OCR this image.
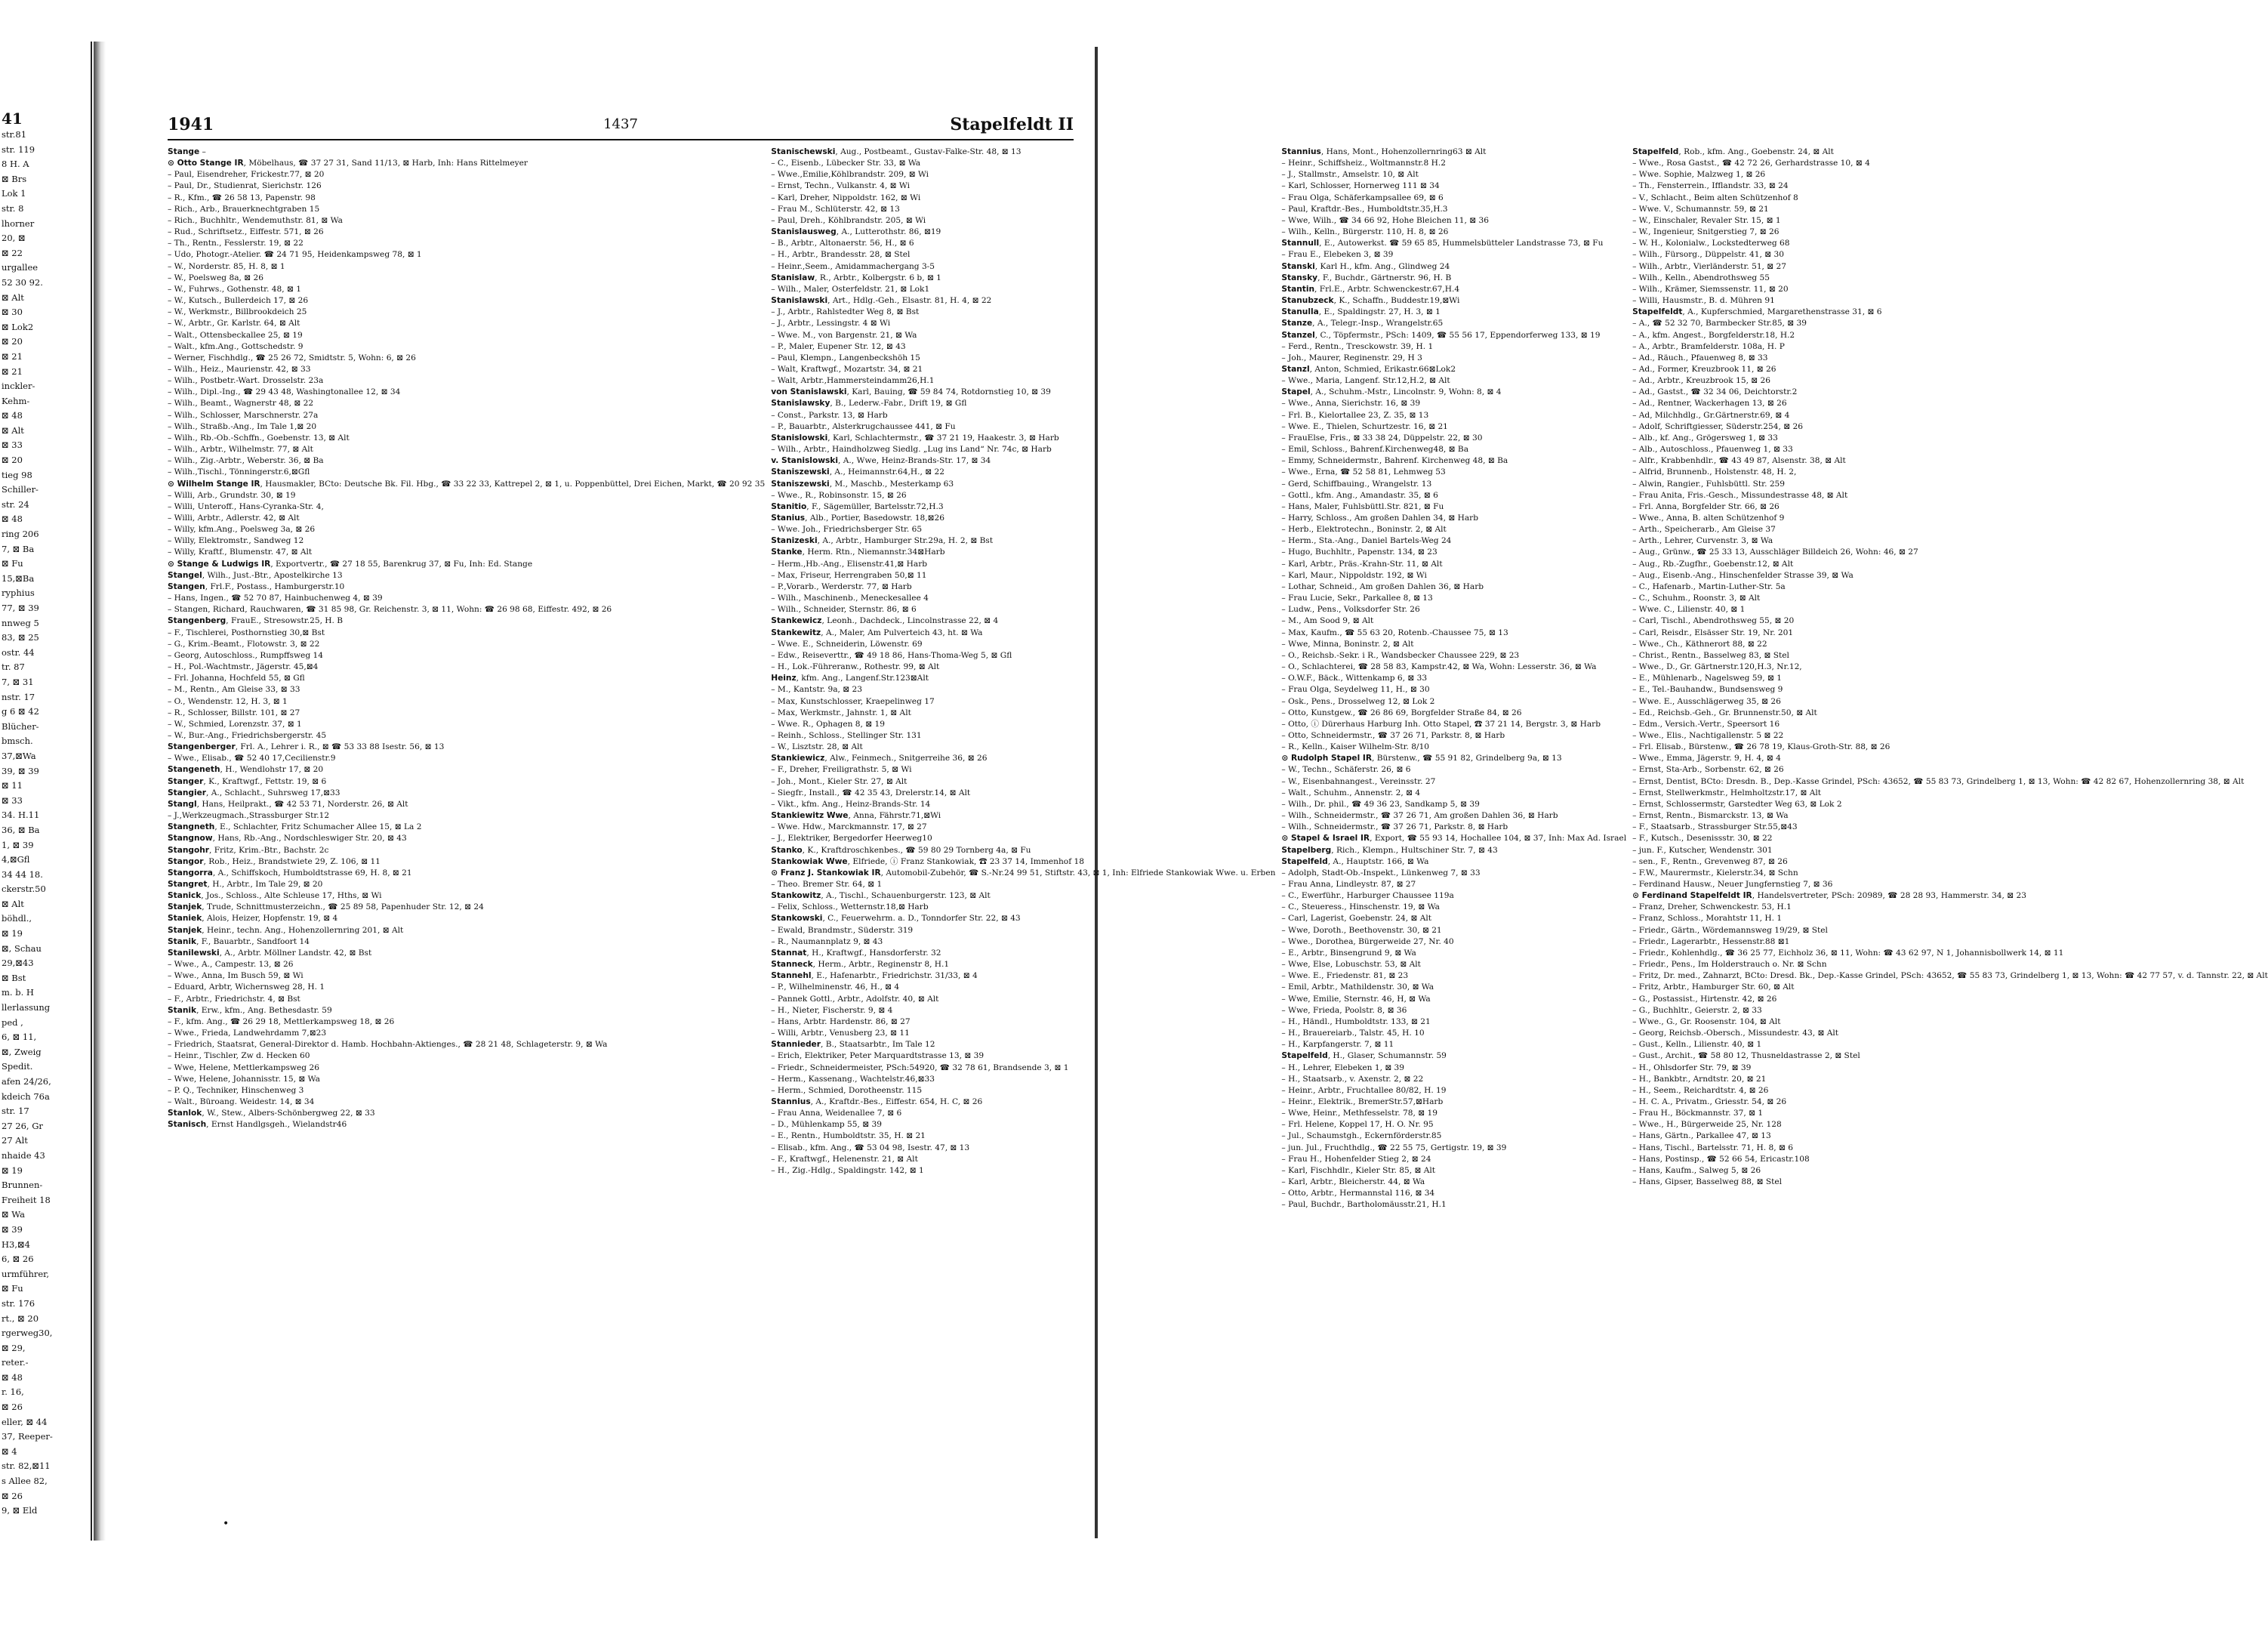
41
str.81
str. 119
8 H. A
⊠ Brs
Lok 1
str. 8
lhorner
20, ⊠
⊠ 22
urgallee
52 30 92.
⊠ Alt
⊠ 30
⊠ Lok2
⊠ 20
⊠ 21
⊠ 21
inckler-
Kehm-
⊠ 48
⊠ Alt
⊠ 33
⊠ 20
tieg 98
Schiller-
str. 24
⊠ 48
ring 206
7, ⊠ Ba
⊠ Fu
15,⊠Ba
ryphius
77, ⊠ 39
nnweg 5
83, ⊠ 25
ostr. 44
tr. 87
7, ⊠ 31
nstr. 17
g 6 ⊠ 42
Blücher-
bmsch.
37,⊠Wa
39, ⊠ 39
⊠ 11
⊠ 33
34. H.11
36, ⊠ Ba
1, ⊠ 39
4,⊠Gfl
34 44 18.
ckerstr.50
⊠ Alt
böhdl.,
⊠ 19
⊠, Schau
29,⊠43
⊠ Bst
m. b. H
llerlassung
ped ,
6, ⊠ 11,
⊠, Zweig
Spedit.
afen 24/26,
kdeich 76a
str. 17
27 26, Gr
27 Alt
nhaide 43
⊠ 19
Brunnen-
Freiheit 18
⊠ Wa
⊠ 39
H3,⊠4
6, ⊠ 26
urmführer,
⊠ Fu
str. 176
rt., ⊠ 20
rgerweg30,
⊠ 29,
reter.-
⊠ 48
r. 16,
⊠ 26
eller, ⊠ 44
37, Reeper-
⊠ 4
str. 82,⊠11
s Allee 82,
⊠ 26
9, ⊠ Eld
1941	1437	Stapelfeldt II
Stange –
⊙ Otto Stange IR, Möbelhaus, ☎ 37 27 31, Sand 11/13, ⊠ Harb, Inh: Hans Rittelmeyer
– Paul, Eisendreher, Frickestr.77, ⊠ 20
– Paul, Dr., Studienrat, Sierichstr. 126
– R., Kfm., ☎ 26 58 13, Papenstr. 98
– Rich., Arb., Brauerknechtgraben 15
– Rich., Buchhltr., Wendemuthstr. 81, ⊠ Wa
– Rud., Schriftsetz., Eiffestr. 571, ⊠ 26
– Th., Rentn., Fesslerstr. 19, ⊠ 22
– Udo, Photogr.-Atelier. ☎ 24 71 95, Heidenkampsweg 78, ⊠ 1
– W., Norderstr. 85, H. 8, ⊠ 1
– W., Poelsweg 8a, ⊠ 26
– W., Fuhrws., Gothenstr. 48, ⊠ 1
– W., Kutsch., Bullerdeich 17, ⊠ 26
– W., Werkmstr., Billbrookdeich 25
– W., Arbtr., Gr. Karlstr. 64, ⊠ Alt
– Walt., Ottensbeckallee 25, ⊠ 19
– Walt., kfm.Ang., Gottschedstr. 9
– Werner, Fischhdlg., ☎ 25 26 72, Smidtstr. 5, Wohn: 6, ⊠ 26
– Wilh., Heiz., Maurienstr. 42, ⊠ 33
– Wilh., Postbetr.-Wart. Drosselstr. 23a
– Wilh., Dipl.-Ing., ☎ 29 43 48, Washingtonallee 12, ⊠ 34
– Wilh., Beamt., Wagnerstr 48, ⊠ 22
– Wilh., Schlosser, Marschnerstr. 27a
– Wilh., Straßb.-Ang., Im Tale 1,⊠ 20
– Wilh., Rb.-Ob.-Schffn., Goebenstr. 13, ⊠ Alt
– Wilh., Arbtr., Wilhelmstr. 77, ⊠ Alt
– Wilh., Zig.-Arbtr., Weberstr. 36, ⊠ Ba
– Wilh.,Tischl., Tönningerstr.6,⊠Gfl
⊙ Wilhelm Stange IR, Hausmakler, BCto: Deutsche Bk. Fil. Hbg., ☎ 33 22 33, Kattrepel 2, ⊠ 1, u. Poppenbüttel, Drei Eichen, Markt, ☎ 20 92 35
– Willi, Arb., Grundstr. 30, ⊠ 19
– Willi, Unteroff., Hans-Cyranka-Str. 4,
– Willi, Arbtr., Adlerstr. 42, ⊠ Alt
– Willy, kfm.Ang., Poelsweg 3a, ⊠ 26
– Willy, Elektromstr., Sandweg 12
– Willy, Kraftf., Blumenstr. 47, ⊠ Alt
⊙ Stange & Ludwigs IR, Exportvertr., ☎ 27 18 55, Barenkrug 37, ⊠ Fu, Inh: Ed. Stange
Stangel, Wilh., Just.-Btr., Apostelkirche 13
Stangen, Frl.F., Postass., Hamburgerstr.10
– Hans, Ingen., ☎ 52 70 87, Hainbuchenweg 4, ⊠ 39
– Stangen, Richard, Rauchwaren, ☎ 31 85 98, Gr. Reichenstr. 3, ⊠ 11, Wohn: ☎ 26 98 68, Eiffestr. 492, ⊠ 26
Stangenberg, FrauE., Stresowstr.25, H. B
– F., Tischlerei, Posthornstieg 30,⊠ Bst
– G., Krim.-Beamt., Flotowstr. 3, ⊠ 22
– Georg, Autoschloss., Rumpffsweg 14
– H., Pol.-Wachtmstr., Jägerstr. 45,⊠4
– Frl. Johanna, Hochfeld 55, ⊠ Gfl
– M., Rentn., Am Gleise 33, ⊠ 33
– O., Wendenstr. 12, H. 3, ⊠ 1
– R., Schlosser, Billstr. 101, ⊠ 27
– W., Schmied, Lorenzstr. 37, ⊠ 1
– W., Bur.-Ang., Friedrichsbergerstr. 45
Stangenberger, Frl. A., Lehrer i. R., ⊠ ☎ 53 33 88 Isestr. 56, ⊠ 13
– Wwe., Elisab., ☎ 52 40 17,Cecilienstr.9
Stangeneth, H., Wendlohstr 17, ⊠ 20
Stanger, K., Kraftwgf., Fettstr. 19, ⊠ 6
Stangier, A., Schlacht., Suhrsweg 17,⊠33
Stangl, Hans, Heilprakt., ☎ 42 53 71, Norderstr. 26, ⊠ Alt
– J.,Werkzeugmach.,Strassburger Str.12
Stangneth, E., Schlachter, Fritz Schumacher Allee 15, ⊠ La 2
Stangnow, Hans, Rb.-Ang., Nordschleswiger Str. 20, ⊠ 43
Stangohr, Fritz, Krim.-Btr., Bachstr. 2c
Stangor, Rob., Heiz., Brandstwiete 29, Z. 106, ⊠ 11
Stangorra, A., Schiffskoch, Humboldtstrasse 69, H. 8, ⊠ 21
Stangret, H., Arbtr., Im Tale 29, ⊠ 20
Stanick, Jos., Schloss., Alte Schleuse 17, Hths, ⊠ Wi
Stanjek, Trude, Schnittmusterzeichn., ☎ 25 89 58, Papenhuder Str. 12, ⊠ 24
Staniek, Alois, Heizer, Hopfenstr. 19, ⊠ 4
Stanjek, Heinr., techn. Ang., Hohenzollernring 201, ⊠ Alt
Stanik, F., Bauarbtr., Sandfoort 14
Stanilewski, A., Arbtr. Möllner Landstr. 42, ⊠ Bst
– Wwe., A., Campestr. 13, ⊠ 26
– Wwe., Anna, Im Busch 59, ⊠ Wi
– Eduard, Arbtr, Wichernsweg 28, H. 1
– F., Arbtr., Friedrichstr. 4, ⊠ Bst
Stanik, Erw., kfm., Ang. Bethesdastr. 59
– F., kfm. Ang., ☎ 26 29 18, Mettlerkampsweg 18, ⊠ 26
– Wwe., Frieda, Landwehrdamm 7,⊠23
– Friedrich, Staatsrat, General-Direktor d. Hamb. Hochbahn-Aktienges., ☎ 28 21 48, Schlageterstr. 9, ⊠ Wa
– Heinr., Tischler, Zw d. Hecken 60
– Wwe, Helene, Mettlerkampsweg 26
– Wwe, Helene, Johannisstr. 15, ⊠ Wa
– P. Q., Techniker, Hinschenweg 3
– Walt., Büroang. Weidestr. 14, ⊠ 34
Stanlok, W., Stew., Albers-Schönbergweg 22, ⊠ 33
Stanisch, Ernst Handlgsgeh., Wielandstr46
Stanischewski, Aug., Postbeamt., Gustav-Falke-Str. 48, ⊠ 13
– C., Eisenb., Lübecker Str. 33, ⊠ Wa
– Wwe.,Emilie,Köhlbrandstr. 209, ⊠ Wi
– Ernst, Techn., Vulkanstr. 4, ⊠ Wi
– Karl, Dreher, Nippoldstr. 162, ⊠ Wi
– Frau M., Schlüterstr. 42, ⊠ 13
– Paul, Dreh., Köhlbrandstr. 205, ⊠ Wi
Stanislausweg, A., Lutterothstr. 86, ⊠19
– B., Arbtr., Altonaerstr. 56, H., ⊠ 6
– H., Arbtr., Brandesstr. 28, ⊠ Stel
– Heinr.,Seem., Amidammachergang 3-5
Stanislaw, R., Arbtr., Kolbergstr. 6 b, ⊠ 1
– Wilh., Maler, Osterfeldstr. 21, ⊠ Lok1
Stanislawski, Art., Hdlg.-Geh., Elsastr. 81, H. 4, ⊠ 22
– J., Arbtr., Rahlstedter Weg 8, ⊠ Bst
– J., Arbtr., Lessingstr. 4 ⊠ Wi
– Wwe. M., von Bargenstr. 21, ⊠ Wa
– P., Maler, Eupener Str. 12, ⊠ 43
– Paul, Klempn., Langenbeckshöh 15
– Walt, Kraftwgf., Mozartstr. 34, ⊠ 21
– Walt, Arbtr.,Hammersteindamm26,H.1
von Stanislawski, Karl, Bauing, ☎ 59 84 74, Rotdornstieg 10, ⊠ 39
Stanislawsky, B., Lederw.-Fabr., Drift 19, ⊠ Gfl
– Const., Parkstr. 13, ⊠ Harb
– P., Bauarbtr., Alsterkrugchaussee 441, ⊠ Fu
Stanislowski, Karl, Schlachtermstr., ☎ 37 21 19, Haakestr. 3, ⊠ Harb
– Wilh., Arbtr., Haindholzweg Siedlg. „Lug ins Land“ Nr. 74c, ⊠ Harb
v. Stanislowski, A., Wwe, Heinz-Brands-Str. 17, ⊠ 34
Staniszewski, A., Heimannstr.64,H., ⊠ 22
Staniszewski, M., Maschb., Mesterkamp 63
– Wwe., R., Robinsonstr. 15, ⊠ 26
Stanitio, F., Sägemüller, Bartelsstr.72,H.3
Stanius, Alb., Portier, Basedowstr. 18,⊠26
– Wwe. Joh., Friedrichsberger Str. 65
Stanizeski, A., Arbtr., Hamburger Str.29a, H. 2, ⊠ Bst
Stanke, Herm. Rtn., Niemannstr.34⊠Harb
– Herm.,Hb.-Ang., Elisenstr.41,⊠ Harb
– Max, Friseur, Herrengraben 50,⊠ 11
– P.,Vorarb., Werderstr. 77, ⊠ Harb
– Wilh., Maschinenb., Meneckesallee 4
– Wilh., Schneider, Sternstr. 86, ⊠ 6
Stankewicz, Leonh., Dachdeck., Lincolnstrasse 22, ⊠ 4
Stankewitz, A., Maler, Am Pulverteich 43, ht. ⊠ Wa
– Wwe. E., Schneiderin, Löwenstr. 69
– Edw., Reiseverttr., ☎ 49 18 86, Hans-Thoma-Weg 5, ⊠ Gfl
– H., Lok.-Führeranw., Rothestr. 99, ⊠ Alt
Heinz, kfm. Ang., Langenf.Str.123⊠Alt
– M., Kantstr. 9a, ⊠ 23
– Max, Kunstschlosser, Kraepelinweg 17
– Max, Werkmstr., Jahnstr. 1, ⊠ Alt
– Wwe. R., Ophagen 8, ⊠ 19
– Reinh., Schloss., Stellinger Str. 131
– W., Lisztstr. 28, ⊠ Alt
Stankiewicz, Alw., Feinmech., Snitgerreihe 36, ⊠ 26
– F., Dreher, Freiligrathstr. 5, ⊠ Wi
– Joh., Mont., Kieler Str. 27, ⊠ Alt
– Siegfr., Install., ☎ 42 35 43, Drelerstr.14, ⊠ Alt
– Vikt., kfm. Ang., Heinz-Brands-Str. 14
Stankiewitz Wwe, Anna, Fährstr.71,⊠Wi
– Wwe. Hdw., Marckmannstr. 17, ⊠ 27
– J., Elektriker, Bergedorfer Heerweg10
Stanko, K., Kraftdroschkenbes., ☎ 59 80 29 Tornberg 4a, ⊠ Fu
Stankowiak Wwe, Elfriede, ⓘ Franz Stankowiak, ☎ 23 37 14, Immenhof 18
⊙ Franz J. Stankowiak IR, Automobil-Zubehör, ☎ S.-Nr.24 99 51, Stiftstr. 43, ⊠ 1, Inh: Elfriede Stankowiak Wwe. u. Erben
– Theo. Bremer Str. 64, ⊠ 1
Stankowitz, A., Tischl., Schauenburgerstr. 123, ⊠ Alt
– Felix, Schloss., Wetternstr.18,⊠ Harb
Stankowski, C., Feuerwehrm. a. D., Tonndorfer Str. 22, ⊠ 43
– Ewald, Brandmstr., Süderstr. 319
– R., Naumannplatz 9, ⊠ 43
Stannat, H., Kraftwgf., Hansdorferstr. 32
Stanneck, Herm., Arbtr., Reginenstr 8, H.1
Stannehl, E., Hafenarbtr., Friedrichstr. 31/33, ⊠ 4
– P., Wilhelminenstr. 46, H., ⊠ 4
– Pannek Gottl., Arbtr., Adolfstr. 40, ⊠ Alt
– H., Nieter, Fischerstr. 9, ⊠ 4
– Hans, Arbtr. Hardenstr. 86, ⊠ 27
– Willi, Arbtr., Venusberg 23, ⊠ 11
Stannieder, B., Staatsarbtr., Im Tale 12
– Erich, Elektriker, Peter Marquardtstrasse 13, ⊠ 39
– Friedr., Schneidermeister, PSch:54920, ☎ 32 78 61, Brandsende 3, ⊠ 1
– Herm., Kassenang., Wachtelstr.46,⊠33
– Herm., Schmied, Dorotheenstr. 115
Stannius, A., Kraftdr.-Bes., Eiffestr. 654, H. C, ⊠ 26
– Frau Anna, Weidenallee 7, ⊠ 6
– D., Mühlenkamp 55, ⊠ 39
– E., Rentn., Humboldtstr. 35, H. ⊠ 21
– Elisab., kfm. Ang., ☎ 53 04 98, Isestr. 47, ⊠ 13
– F., Kraftwgf., Helenenstr. 21, ⊠ Alt
– H., Zig.-Hdlg., Spaldingstr. 142, ⊠ 1
Stannius, Hans, Mont., Hohenzollernring63 ⊠ Alt
– Heinr., Schiffsheiz., Woltmannstr.8 H.2
– J., Stallmstr., Amselstr. 10, ⊠ Alt
– Karl, Schlosser, Hornerweg 111 ⊠ 34
– Frau Olga, Schäferkampsallee 69, ⊠ 6
– Paul, Kraftdr.-Bes., Humboldtstr.35,H.3
– Wwe, Wilh., ☎ 34 66 92, Hohe Bleichen 11, ⊠ 36
– Wilh., Kelln., Bürgerstr. 110, H. 8, ⊠ 26
Stannull, E., Autowerkst. ☎ 59 65 85, Hummelsbütteler Landstrasse 73, ⊠ Fu
– Frau E., Elebeken 3, ⊠ 39
Stanski, Karl H., kfm. Ang., Glindweg 24
Stansky, F., Buchdr., Gärtnerstr. 96, H. B
Stantin, Frl.E., Arbtr. Schwenckestr.67,H.4
Stanubzeck, K., Schaffn., Buddestr.19,⊠Wi
Stanulla, E., Spaldingstr. 27, H. 3, ⊠ 1
Stanze, A., Telegr.-Insp., Wrangelstr.65
Stanzel, C., Töpfermstr., PSch: 1409, ☎ 55 56 17, Eppendorferweg 133, ⊠ 19
– Ferd., Rentn., Tresckowstr. 39, H. 1
– Joh., Maurer, Reginenstr. 29, H 3
Stanzl, Anton, Schmied, Erikastr.66⊠Lok2
– Wwe., Maria, Langenf. Str.12,H.2, ⊠ Alt
Stapel, A., Schuhm.-Mstr., Lincolnstr. 9, Wohn: 8, ⊠ 4
– Wwe., Anna, Sierichstr. 16, ⊠ 39
– Frl. B., Kielortallee 23, Z. 35, ⊠ 13
– Wwe. E., Thielen, Schurtzestr. 16, ⊠ 21
– FrauElse, Fris., ⊠ 33 38 24, Düppelstr. 22, ⊠ 30
– Emil, Schloss., Bahrenf.Kirchenweg48, ⊠ Ba
– Emmy, Schneidermstr., Bahrenf. Kirchenweg 48, ⊠ Ba
– Wwe., Erna, ☎ 52 58 81, Lehmweg 53
– Gerd, Schiffbauing., Wrangelstr. 13
– Gottl., kfm. Ang., Amandastr. 35, ⊠ 6
– Hans, Maler, Fuhlsbüttl.Str. 821, ⊠ Fu
– Harry, Schloss., Am großen Dahlen 34, ⊠ Harb
– Herb., Elektrotechn., Boninstr. 2, ⊠ Alt
– Herm., Sta.-Ang., Daniel Bartels-Weg 24
– Hugo, Buchhltr., Papenstr. 134, ⊠ 23
– Karl, Arbtr., Präs.-Krahn-Str. 11, ⊠ Alt
– Karl, Maur., Nippoldstr. 192, ⊠ Wi
– Lothar, Schneid., Am großen Dahlen 36, ⊠ Harb
– Frau Lucie, Sekr., Parkallee 8, ⊠ 13
– Ludw., Pens., Volksdorfer Str. 26
– M., Am Sood 9, ⊠ Alt
– Max, Kaufm., ☎ 55 63 20, Rotenb.-Chaussee 75, ⊠ 13
– Wwe, Minna, Boninstr. 2, ⊠ Alt
– O., Reichsb.-Sekr. i R., Wandsbecker Chaussee 229, ⊠ 23
– O., Schlachterei, ☎ 28 58 83, Kampstr.42, ⊠ Wa, Wohn: Lesserstr. 36, ⊠ Wa
– O.W.F., Bäck., Wittenkamp 6, ⊠ 33
– Frau Olga, Seydelweg 11, H., ⊠ 30
– Osk., Pens., Drosselweg 12, ⊠ Lok 2
– Otto, Kunstgew., ☎ 26 86 69, Borgfelder Straße 84, ⊠ 26
– Otto, ⓘ Dürerhaus Harburg Inh. Otto Stapel, ☎ 37 21 14, Bergstr. 3, ⊠ Harb
– Otto, Schneidermstr., ☎ 37 26 71, Parkstr. 8, ⊠ Harb
– R., Kelln., Kaiser Wilhelm-Str. 8/10
⊙ Rudolph Stapel IR, Bürstenw., ☎ 55 91 82, Grindelberg 9a, ⊠ 13
– W., Techn., Schäferstr. 26, ⊠ 6
– W., Eisenbahnangest., Vereinsstr. 27
– Walt., Schuhm., Annenstr. 2, ⊠ 4
– Wilh., Dr. phil., ☎ 49 36 23, Sandkamp 5, ⊠ 39
– Wilh., Schneidermstr., ☎ 37 26 71, Am großen Dahlen 36, ⊠ Harb
– Wilh., Schneidermstr., ☎ 37 26 71, Parkstr. 8, ⊠ Harb
⊙ Stapel & Israel IR, Export, ☎ 55 93 14, Hochallee 104, ⊠ 37, Inh: Max Ad. Israel
Stapelberg, Rich., Klempn., Hultschiner Str. 7, ⊠ 43
Stapelfeld, A., Hauptstr. 166, ⊠ Wa
– Adolph, Stadt-Ob.-Inspekt., Lünkenweg 7, ⊠ 33
– Frau Anna, Lindleystr. 87, ⊠ 27
– C., Ewerführ., Harburger Chaussee 119a
– C., Steueress., Hinschenstr. 19, ⊠ Wa
– Carl, Lagerist, Goebenstr. 24, ⊠ Alt
– Wwe, Doroth., Beethovenstr. 30, ⊠ 21
– Wwe., Dorothea, Bürgerweide 27, Nr. 40
– E., Arbtr., Binsengrund 9, ⊠ Wa
– Wwe, Else, Lobuschstr. 53, ⊠ Alt
– Wwe. E., Friedenstr. 81, ⊠ 23
– Emil, Arbtr., Mathildenstr. 30, ⊠ Wa
– Wwe, Emilie, Sternstr. 46, H, ⊠ Wa
– Wwe, Frieda, Poolstr. 8, ⊠ 36
– H., Händl., Humboldtstr. 133, ⊠ 21
– H., Brauereiarb., Talstr. 45, H. 10
– H., Karpfangerstr. 7, ⊠ 11
Stapelfeld, H., Glaser, Schumannstr. 59
– H., Lehrer, Elebeken 1, ⊠ 39
– H., Staatsarb., v. Axenstr. 2, ⊠ 22
– Heinr., Arbtr., Fruchtallee 80/82, H. 19
– Heinr., Elektrik., BremerStr.57,⊠Harb
– Wwe, Heinr., Methfesselstr. 78, ⊠ 19
– Frl. Helene, Koppel 17, H. O. Nr. 95
– Jul., Schaumstgh., Eckernförderstr.85
– jun. Jul., Fruchthdlg., ☎ 22 55 75, Gertigstr. 19, ⊠ 39
– Frau H., Hohenfelder Stieg 2, ⊠ 24
– Karl, Fischhdlr., Kieler Str. 85, ⊠ Alt
– Karl, Arbtr., Bleicherstr. 44, ⊠ Wa
– Otto, Arbtr., Hermannstal 116, ⊠ 34
– Paul, Buchdr., Bartholomäusstr.21, H.1
Stapelfeld, Rob., kfm. Ang., Goebenstr. 24, ⊠ Alt
– Wwe., Rosa Gastst., ☎ 42 72 26, Gerhardstrasse 10, ⊠ 4
– Wwe. Sophie, Malzweg 1, ⊠ 26
– Th., Fensterrein., Ifflandstr. 33, ⊠ 24
– V., Schlacht., Beim alten Schützenhof 8
– Wwe. V., Schumannstr. 59, ⊠ 21
– W., Einschaler, Revaler Str. 15, ⊠ 1
– W., Ingenieur, Snitgerstieg 7, ⊠ 26
– W. H., Kolonialw., Lockstedterweg 68
– Wilh., Fürsorg., Düppelstr. 41, ⊠ 30
– Wilh., Arbtr., Vierländerstr. 51, ⊠ 27
– Wilh., Kelln., Abendrothsweg 55
– Wilh., Krämer, Siemssenstr. 11, ⊠ 20
– Willi, Hausmstr., B. d. Mühren 91
Stapelfeldt, A., Kupferschmied, Margarethenstrasse 31, ⊠ 6
– A., ☎ 52 32 70, Barmbecker Str.85, ⊠ 39
– A., kfm. Angest., Borgfelderstr.18, H.2
– A., Arbtr., Bramfelderstr. 108a, H. P
– Ad., Räuch., Pfauenweg 8, ⊠ 33
– Ad., Former, Kreuzbrook 11, ⊠ 26
– Ad., Arbtr., Kreuzbrook 15, ⊠ 26
– Ad., Gastst., ☎ 32 34 06, Deichtorstr.2
– Ad., Rentner, Wackerhagen 13, ⊠ 26
– Ad, Milchhdlg., Gr.Gärtnerstr.69, ⊠ 4
– Adolf, Schriftgiesser, Süderstr.254, ⊠ 26
– Alb., kf. Ang., Grögersweg 1, ⊠ 33
– Alb., Autoschloss., Pfauenweg 1, ⊠ 33
– Alfr., Krabbenhdlr., ☎ 43 49 87, Alsenstr. 38, ⊠ Alt
– Alfrid, Brunnenb., Holstenstr. 48, H. 2,
– Alwin, Rangier., Fuhlsbüttl. Str. 259
– Frau Anita, Fris.-Gesch., Missundestrasse 48, ⊠ Alt
– Frl. Anna, Borgfelder Str. 66, ⊠ 26
– Wwe., Anna, B. alten Schützenhof 9
– Arth., Speicherarb., Am Gleise 37
– Arth., Lehrer, Curvenstr. 3, ⊠ Wa
– Aug., Grünw., ☎ 25 33 13, Ausschläger Billdeich 26, Wohn: 46, ⊠ 27
– Aug., Rb.-Zugfhr., Goebenstr.12, ⊠ Alt
– Aug., Eisenb.-Ang., Hinschenfelder Strasse 39, ⊠ Wa
– C., Hafenarb., Martin-Luther-Str. 5a
– C., Schuhm., Roonstr. 3, ⊠ Alt
– Wwe. C., Lilienstr. 40, ⊠ 1
– Carl, Tischl., Abendrothsweg 55, ⊠ 20
– Carl, Reisdr., Elsässer Str. 19, Nr. 201
– Wwe., Ch., Käthnerort 88, ⊠ 22
– Christ., Rentn., Basselweg 83, ⊠ Stel
– Wwe., D., Gr. Gärtnerstr.120,H.3, Nr.12,
– E., Mühlenarb., Nagelsweg 59, ⊠ 1
– E., Tel.-Bauhandw., Bundsensweg 9
– Wwe. E., Ausschlägerweg 35, ⊠ 26
– Ed., Reichsb.-Geh., Gr. Brunnenstr.50, ⊠ Alt
– Edm., Versich.-Vertr., Speersort 16
– Wwe., Elis., Nachtigallenstr. 5 ⊠ 22
– Frl. Elisab., Bürstenw., ☎ 26 78 19, Klaus-Groth-Str. 88, ⊠ 26
– Wwe., Emma, Jägerstr. 9, H. 4, ⊠ 4
– Ernst, Sta-Arb., Sorbenstr. 62, ⊠ 26
– Ernst, Dentist, BCto: Dresdn. B., Dep.-Kasse Grindel, PSch: 43652, ☎ 55 83 73, Grindelberg 1, ⊠ 13, Wohn: ☎ 42 82 67, Hohenzollernring 38, ⊠ Alt
– Ernst, Stellwerkmstr., Helmholtzstr.17, ⊠ Alt
– Ernst, Schlossermstr, Garstedter Weg 63, ⊠ Lok 2
– Ernst, Rentn., Bismarckstr. 13, ⊠ Wa
– F., Staatsarb., Strassburger Str.55,⊠43
– F., Kutsch., Desenissstr. 30, ⊠ 22
– jun. F., Kutscher, Wendenstr. 301
– sen., F., Rentn., Grevenweg 87, ⊠ 26
– F.W., Maurermstr., Kielerstr.34, ⊠ Schn
– Ferdinand Hausw., Neuer Jungfernstieg 7, ⊠ 36
⊙ Ferdinand Stapelfeldt IR, Handelsvertreter, PSch: 20989, ☎ 28 28 93, Hammerstr. 34, ⊠ 23
– Franz, Dreher, Schwenckestr. 53, H.1
– Franz, Schloss., Morahtstr 11, H. 1
– Friedr., Gärtn., Wördemannsweg 19/29, ⊠ Stel
– Friedr., Lagerarbtr., Hessenstr.88 ⊠1
– Friedr., Kohlenhdlg., ☎ 36 25 77, Eichholz 36, ⊠ 11, Wohn: ☎ 43 62 97, N 1, Johannisbollwerk 14, ⊠ 11
– Friedr., Pens., Im Holderstrauch o. Nr. ⊠ Schn
– Fritz, Dr. med., Zahnarzt, BCto: Dresd. Bk., Dep.-Kasse Grindel, PSch: 43652, ☎ 55 83 73, Grindelberg 1, ⊠ 13, Wohn: ☎ 42 77 57, v. d. Tannstr. 22, ⊠ Alt
– Fritz, Arbtr., Hamburger Str. 60, ⊠ Alt
– G., Postassist., Hirtenstr. 42, ⊠ 26
– G., Buchhltr., Geierstr. 2, ⊠ 33
– Wwe., G., Gr. Roosenstr. 104, ⊠ Alt
– Georg, Reichsb.-Obersch., Missundestr. 43, ⊠ Alt
– Gust., Kelln., Lilienstr. 40, ⊠ 1
– Gust., Archit., ☎ 58 80 12, Thusneldastrasse 2, ⊠ Stel
– H., Ohlsdorfer Str. 79, ⊠ 39
– H., Bankbtr., Arndtstr. 20, ⊠ 21
– H., Seem., Reichardtstr. 4, ⊠ 26
– H. C. A., Privatm., Griesstr. 54, ⊠ 26
– Frau H., Böckmannstr. 37, ⊠ 1
– Wwe., H., Bürgerweide 25, Nr. 128
– Hans, Gärtn., Parkallee 47, ⊠ 13
– Hans, Tischl., Bartelsstr. 71, H. 8, ⊠ 6
– Hans, Postinsp., ☎ 52 66 54, Ericastr.108
– Hans, Kaufm., Salweg 5, ⊠ 26
– Hans, Gipser, Basselweg 88, ⊠ Stel
•
